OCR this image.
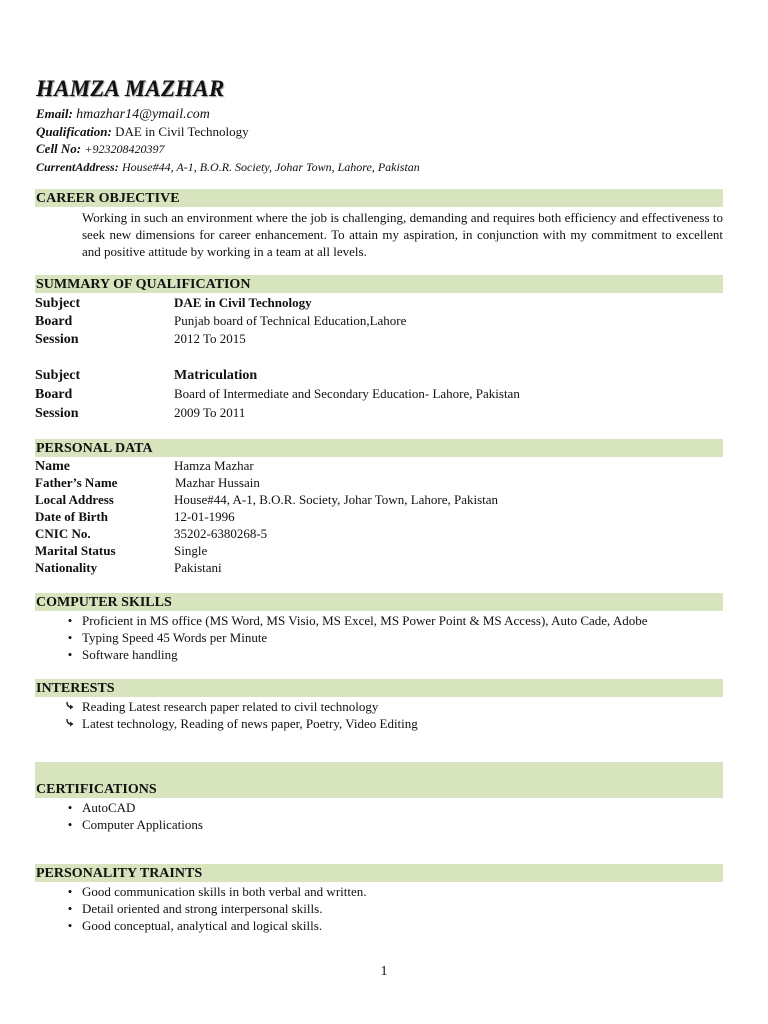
HAMZA MAZHAR
Email: hmazhar14@ymail.com
Qualification: DAE in Civil Technology
Cell No: +923208420397
CurrentAddress: House#44, A-1, B.O.R. Society, Johar Town, Lahore, Pakistan
CAREER OBJECTIVE

Working in such an environment where the job is challenging, demanding and requires both efficiency and effectiveness to seek new dimensions for career enhancement. To attain my aspiration, in conjunction with my commitment to excellent and positive attitude by working in a team at all levels.

SUMMARY OF QUALIFICATION
Subject	DAE in Civil Technology
Board	Punjab board of Technical Education,Lahore
Session	2012 To 2015
Subject	Matriculation
Board	Board of Intermediate and Secondary Education- Lahore, Pakistan
Session	2009 To 2011
PERSONAL DATA
Name	Hamza Mazhar
Father’s Name	Mazhar Hussain
Local Address	House#44, A-1, B.O.R. Society, Johar Town, Lahore, Pakistan
Date of Birth	12-01-1996
CNIC No.	35202-6380268-5
Marital Status	Single
Nationality	Pakistani
COMPUTER SKILLS
• Proficient in MS office (MS Word, MS Visio, MS Excel, MS Power Point & MS Access), Auto Cade, Adobe
• Typing Speed 45 Words per Minute
• Software handling
INTERESTS
Reading Latest research paper related to civil technology
Latest technology, Reading of news paper, Poetry, Video Editing
CERTIFICATIONS
• AutoCAD
• Computer Applications
PERSONALITY TRAINTS
• Good communication skills in both verbal and written.
• Detail oriented and strong interpersonal skills.
• Good conceptual, analytical and logical skills.
1
